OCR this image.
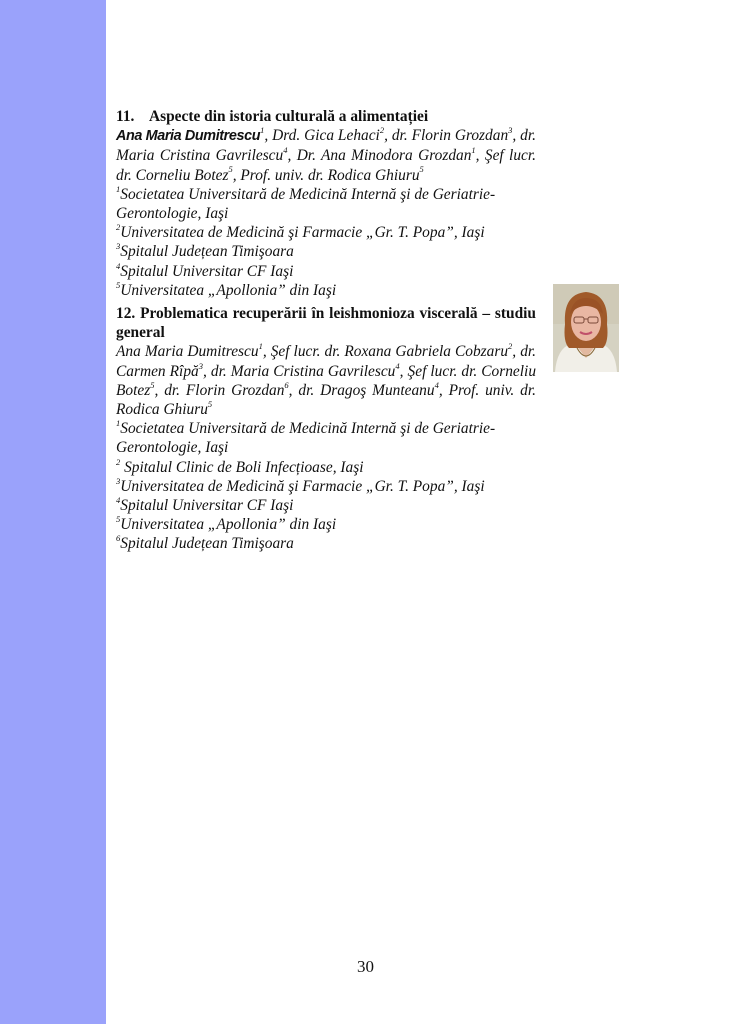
11. Aspecte din istoria culturală a alimentației
Ana Maria Dumitrescu$^1$, Drd. Gica Lehaci$^2$, dr. Florin Grozdan$^3$, dr. Maria Cristina Gavrilescu$^4$, Dr. Ana Minodora Grozdan$^1$, Şef lucr. dr. Corneliu Botez$^5$, Prof. univ. dr. Rodica Ghiuru$^5$
$^1$Societatea Universitară de Medicină Internă şi de Geriatrie-Gerontologie, Iaşi
$^2$Universitatea de Medicină şi Farmacie „Gr. T. Popa”, Iaşi
$^3$Spitalul Județean Timişoara
$^4$Spitalul Universitar CF Iaşi
$^5$Universitatea „Apollonia” din Iaşi
12. Problematica recuperării în leishmonioza viscerală – studiu general
Ana Maria Dumitrescu$^1$, Şef lucr. dr. Roxana Gabriela Cobzaru$^2$, dr. Carmen Rîpă$^3$, dr. Maria Cristina Gavrilescu$^4$, Şef lucr. dr. Corneliu Botez$^5$, dr. Florin Grozdan$^6$, dr. Dragoş Munteanu$^4$, Prof. univ. dr. Rodica Ghiuru$^5$
$^1$Societatea Universitară de Medicină Internă şi de Geriatrie-Gerontologie, Iaşi
$^2$ Spitalul Clinic de Boli Infecțioase, Iaşi
$^3$Universitatea de Medicină şi Farmacie „Gr. T. Popa”, Iaşi
$^4$Spitalul Universitar CF Iaşi
$^5$Universitatea „Apollonia” din Iaşi
$^6$Spitalul Județean Timişoara
30
